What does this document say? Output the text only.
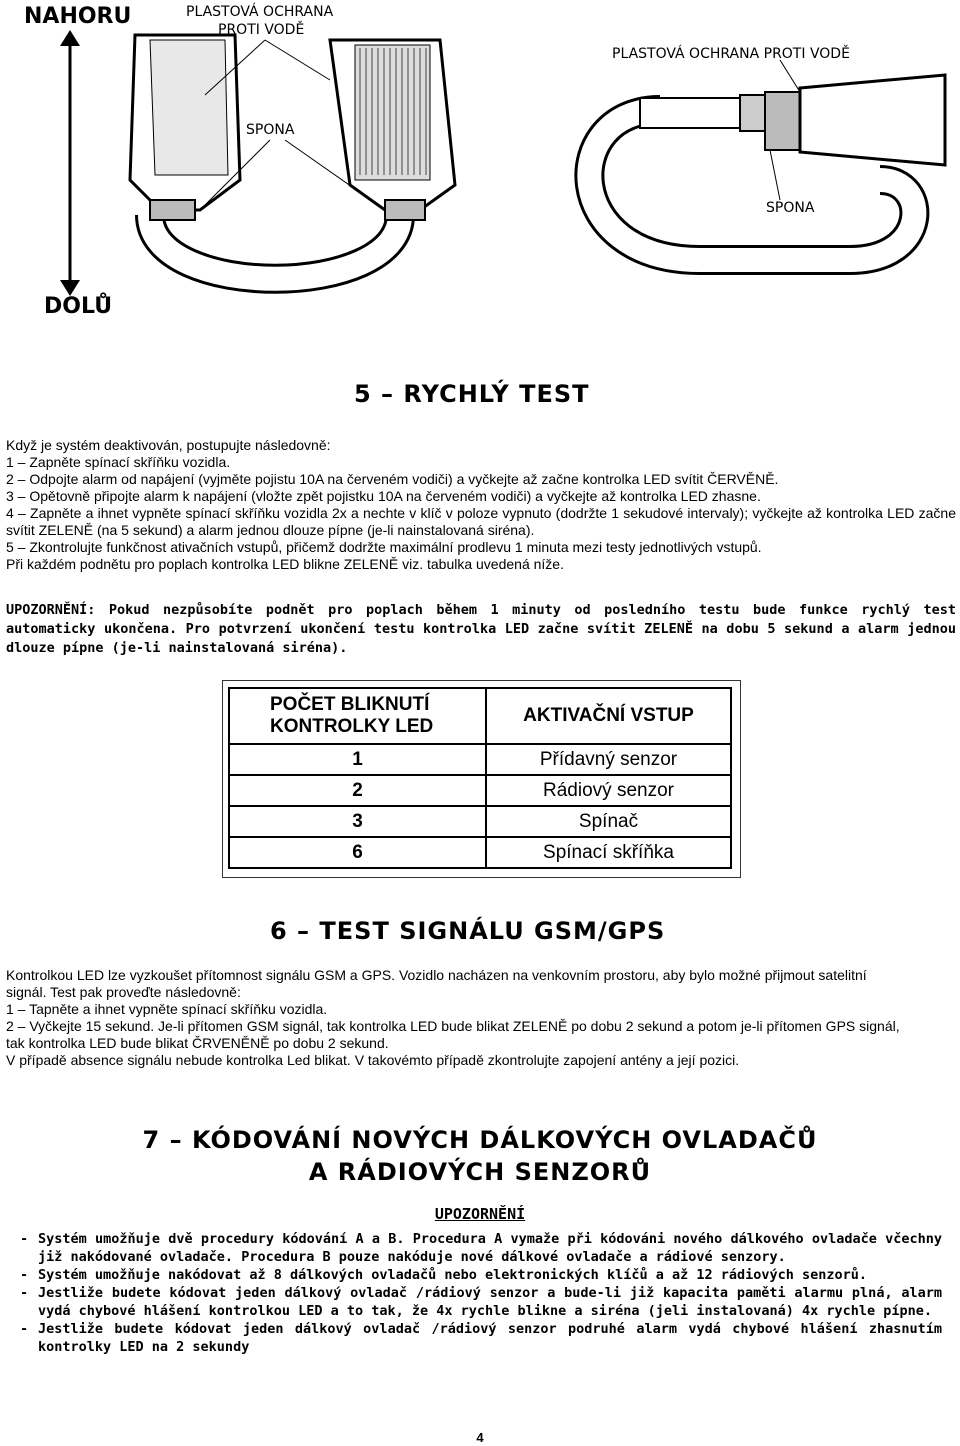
NAHORU
DOLŮ
PLASTOVÁ OCHRANA
PROTI VODĚ
SPONA
PLASTOVÁ OCHRANA PROTI VODĚ
SPONA
5 – RYCHLÝ TEST

Když je systém deaktivován, postupujte následovně:

1 – Zapněte spínací skříňku vozidla.

2 – Odpojte alarm od napájení (vyjměte pojistu 10A na červeném vodiči) a vyčkejte až začne kontrolka LED svítit ČERVĚNĚ.

3 – Opětovně připojte alarm k napájení (vložte zpět pojistku 10A na červeném vodiči) a vyčkejte až kontrolka LED zhasne.

4 – Zapněte a ihnet vypněte spínací skříňku vozidla 2x a nechte v klíč v poloze vypnuto (dodržte 1 sekudové intervaly); vyčkejte až kontrolka LED začne svítit ZELENĚ (na 5 sekund) a alarm jednou dlouze pípne (je-li nainstalovaná siréna).

5 – Zkontrolujte funkčnost ativačních vstupů, přičemž dodržte maximální prodlevu 1 minuta mezi testy jednotlivých vstupů.

Při každém podnětu pro poplach kontrolka LED blikne ZELENĚ viz. tabulka uvedená níže.

UPOZORNĚNÍ: Pokud nezpůsobíte podnět pro poplach během 1 minuty od posledního testu bude funkce rychlý test automaticky ukončena. Pro potvrzení ukončení testu kontrolka LED začne svítit ZELENĚ na dobu 5 sekund a alarm jednou dlouze pípne (je-li nainstalovaná siréna).
POČET BLIKNUTÍ
KONTROLKY LED	AKTIVAČNÍ VSTUP
1	Přídavný senzor
2	Rádiový senzor
3	Spínač
6	Spínací skříňka
6 – TEST SIGNÁLU GSM/GPS

Kontrolkou LED lze vyzkoušet přítomnost signálu GSM a GPS. Vozidlo nacházen na venkovním prostoru, aby bylo možné přijmout satelitní signál. Test pak proveďte následovně:

1 – Tapněte a ihnet vypněte spínací skříňku vozidla.

2 – Vyčkejte 15 sekund. Je-li přítomen GSM signál, tak kontrolka LED bude blikat ZELENĚ po dobu 2 sekund a potom je-li přítomen GPS signál, tak kontrolka LED bude blikat ČRVENĚNĚ po dobu 2 sekund.

V případě absence signálu nebude kontrolka Led blikat. V takovémto případě zkontrolujte zapojení antény a její pozici.

7 – KÓDOVÁNÍ NOVÝCH DÁLKOVÝCH OVLADAČŮ
A RÁDIOVÝCH SENZORŮ
UPOZORNĚNÍ
- Systém umožňuje dvě procedury kódování A a B. Procedura A vymaže při kódováni nového dálkového ovladače včechny již nakódované ovladače. Procedura B pouze nakóduje nové dálkové ovladače a rádiové senzory.
- Systém umožňuje nakódovat až 8 dálkových ovladačů nebo elektronických klíčů a až 12 rádiových senzorů.
- Jestliže budete kódovat jeden dálkový ovladač /rádiový senzor a bude-li již kapacita paměti alarmu plná, alarm vydá chybové hlášení kontrolkou LED a to tak, že 4x rychle blikne a siréna (jeli instalovaná) 4x rychle pípne.
- Jestliže budete kódovat jeden dálkový ovladač /rádiový senzor podruhé alarm vydá chybové hlášení zhasnutím kontrolky LED na 2 sekundy
4
